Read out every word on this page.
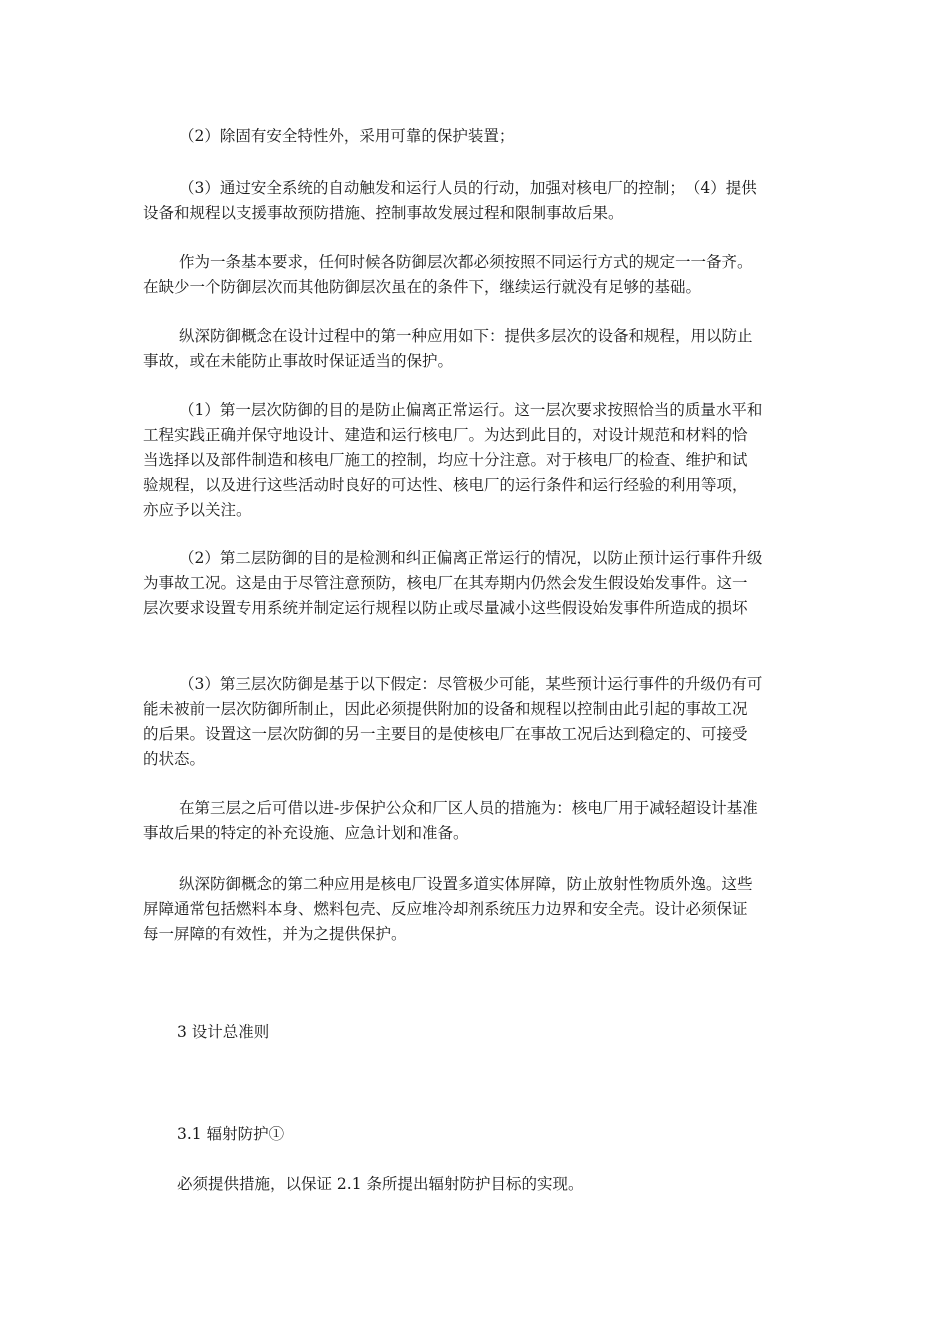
（2）除固有安全特性外，采用可靠的保护装置；

（3）通过安全系统的自动触发和运行人员的行动，加强对核电厂的控制；　（4）提供
设备和规程以支援事故预防措施、控制事故发展过程和限制事故后果。

作为一条基本要求，任何时候各防御层次都必须按照不同运行方式的规定一一备齐。
在缺少一个防御层次而其他防御层次虽在的条件下，继续运行就没有足够的基础。

纵深防御概念在设计过程中的第一种应用如下：提供多层次的设备和规程，用以防止
事故，或在未能防止事故时保证适当的保护。

（1）第一层次防御的目的是防止偏离正常运行。这一层次要求按照恰当的质量水平和
工程实践正确并保守地设计、建造和运行核电厂。为达到此目的，对设计规范和材料的恰
当选择以及部件制造和核电厂施工的控制，均应十分注意。对于核电厂的检查、维护和试
验规程，以及进行这些活动时良好的可达性、核电厂的运行条件和运行经验的利用等项，
亦应予以关注。

（2）第二层防御的目的是检测和纠正偏离正常运行的情况，以防止预计运行事件升级
为事故工况。这是由于尽管注意预防，核电厂在其寿期内仍然会发生假设始发事件。这一
层次要求设置专用系统并制定运行规程以防止或尽量减小这些假设始发事件所造成的损坏

（3）第三层次防御是基于以下假定：尽管极少可能，某些预计运行事件的升级仍有可
能未被前一层次防御所制止，因此必须提供附加的设备和规程以控制由此引起的事故工况
的后果。设置这一层次防御的另一主要目的是使核电厂在事故工况后达到稳定的、可接受
的状态。

在第三层之后可借以进-步保护公众和厂区人员的措施为：核电厂用于减轻超设计基准
事故后果的特定的补充设施、应急计划和准备。

纵深防御概念的第二种应用是核电厂设置多道实体屏障，防止放射性物质外逸。这些
屏障通常包括燃料本身、燃料包壳、反应堆冷却剂系统压力边界和安全壳。设计必须保证
每一屏障的有效性，并为之提供保护。

3 设计总准则

3.1 辐射防护①

必须提供措施，以保证 2.1 条所提出辐射防护目标的实现。
